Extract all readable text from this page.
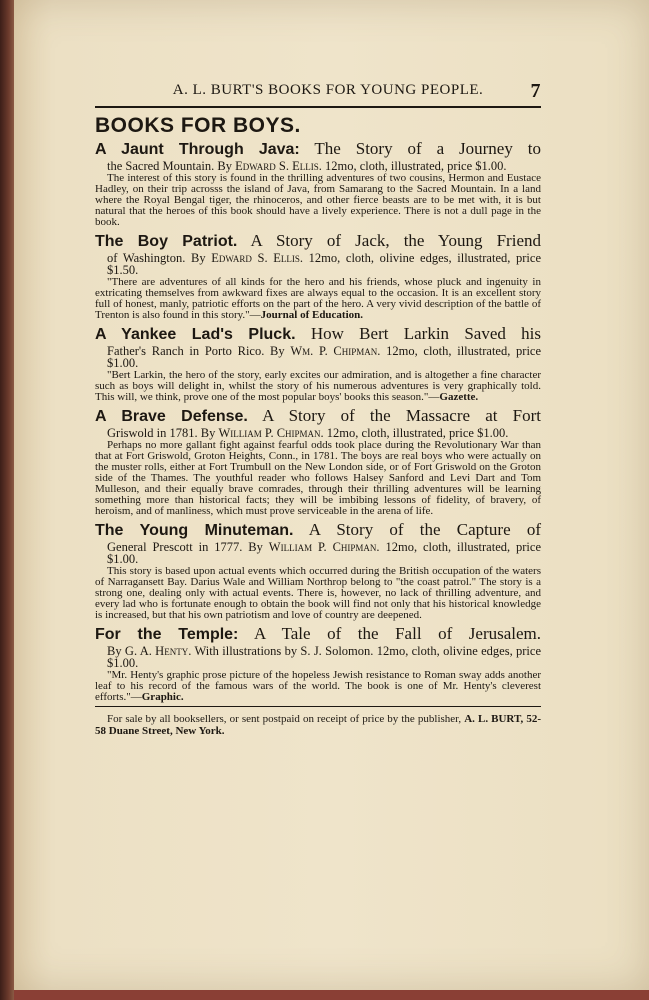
A. L. BURT'S BOOKS FOR YOUNG PEOPLE. 7
BOOKS FOR BOYS.
A Jaunt Through Java: The Story of a Journey to
the Sacred Mountain. By Edward S. Ellis. 12mo, cloth, illustrated, price $1.00.
The interest of this story is found in the thrilling adventures of two cousins, Hermon and Eustace Hadley, on their trip acrosss the island of Java, from Samarang to the Sacred Mountain. In a land where the Royal Bengal tiger, the rhinoceros, and other fierce beasts are to be met with, it is but natural that the heroes of this book should have a lively experience. There is not a dull page in the book.
The Boy Patriot. A Story of Jack, the Young Friend
of Washington. By Edward S. Ellis. 12mo, cloth, olivine edges, illustrated, price $1.50.
"There are adventures of all kinds for the hero and his friends, whose pluck and ingenuity in extricating themselves from awkward fixes are always equal to the occasion. It is an excellent story full of honest, manly, patriotic efforts on the part of the hero. A very vivid description of the battle of Trenton is also found in this story."—Journal of Education.
A Yankee Lad's Pluck. How Bert Larkin Saved his
Father's Ranch in Porto Rico. By Wm. P. Chipman. 12mo, cloth, illustrated, price $1.00.
"Bert Larkin, the hero of the story, early excites our admiration, and is altogether a fine character such as boys will delight in, whilst the story of his numerous adventures is very graphically told. This will, we think, prove one of the most popular boys' books this season."—Gazette.
A Brave Defense. A Story of the Massacre at Fort
Griswold in 1781. By William P. Chipman. 12mo, cloth, illustrated, price $1.00.
Perhaps no more gallant fight against fearful odds took place during the Revolutionary War than that at Fort Griswold, Groton Heights, Conn., in 1781. The boys are real boys who were actually on the muster rolls, either at Fort Trumbull on the New London side, or of Fort Griswold on the Groton side of the Thames. The youthful reader who follows Halsey Sanford and Levi Dart and Tom Mulleson, and their equally brave comrades, through their thrilling adventures will be learning something more than historical facts; they will be imbibing lessons of fidelity, of bravery, of heroism, and of manliness, which must prove serviceable in the arena of life.
The Young Minuteman. A Story of the Capture of
General Prescott in 1777. By William P. Chipman. 12mo, cloth, illustrated, price $1.00.
This story is based upon actual events which occurred during the British occupation of the waters of Narragansett Bay. Darius Wale and William Northrop belong to "the coast patrol." The story is a strong one, dealing only with actual events. There is, however, no lack of thrilling adventure, and every lad who is fortunate enough to obtain the book will find not only that his historical knowledge is increased, but that his own patriotism and love of country are deepened.
For the Temple: A Tale of the Fall of Jerusalem.
By G. A. Henty. With illustrations by S. J. Solomon. 12mo, cloth, olivine edges, price $1.00.
"Mr. Henty's graphic prose picture of the hopeless Jewish resistance to Roman sway adds another leaf to his record of the famous wars of the world. The book is one of Mr. Henty's cleverest efforts."—Graphic.
For sale by all booksellers, or sent postpaid on receipt of price by the publisher, A. L. BURT, 52-58 Duane Street, New York.
